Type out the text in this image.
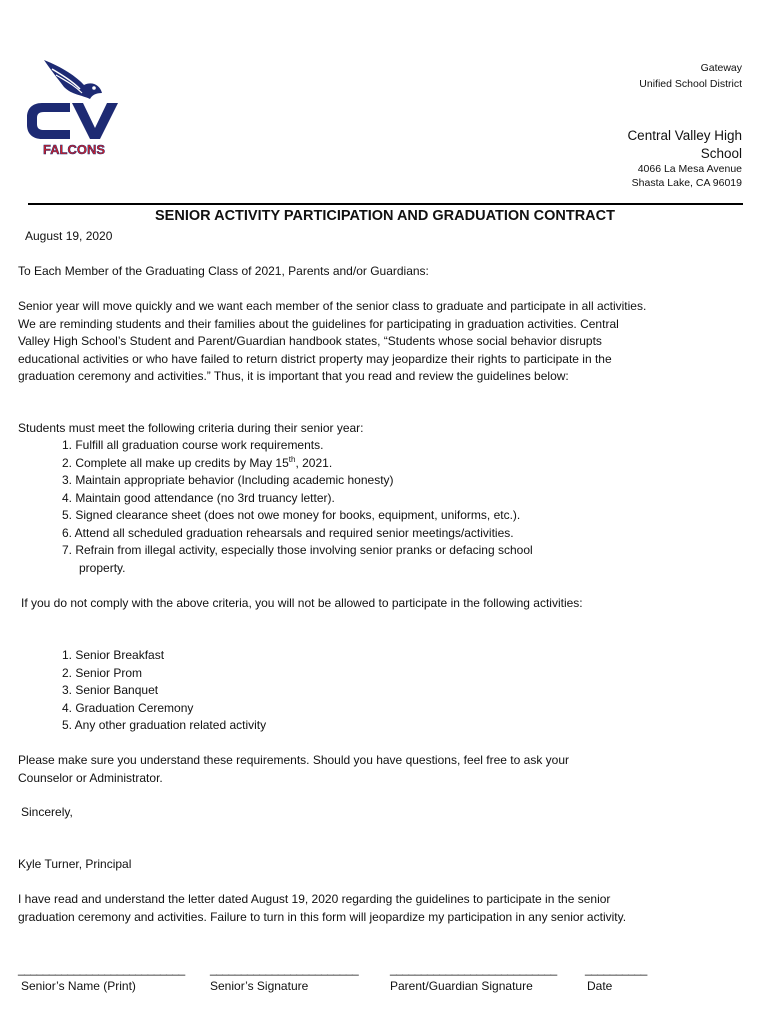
FALCONS
Gateway
Unified School District
Central Valley High School
4066 La Mesa Avenue
Shasta Lake, CA 96019
SENIOR ACTIVITY PARTICIPATION AND GRADUATION CONTRACT
August 19, 2020
To Each Member of the Graduating Class of 2021, Parents and/or Guardians:
Senior year will move quickly and we want each member of the senior class to graduate and participate in all activities. We are reminding students and their families about the guidelines for participating in graduation activities. Central Valley High School’s Student and Parent/Guardian handbook states, “Students whose social behavior disrupts educational activities or who have failed to return district property may jeopardize their rights to participate in the graduation ceremony and activities.” Thus, it is important that you read and review the guidelines below:
Students must meet the following criteria during their senior year:
1. Fulfill all graduation course work requirements.
2. Complete all make up credits by May 15th, 2021.
3. Maintain appropriate behavior (Including academic honesty)
4. Maintain good attendance (no 3rd truancy letter).
5. Signed clearance sheet (does not owe money for books, equipment, uniforms, etc.).
6. Attend all scheduled graduation rehearsals and required senior meetings/activities.
7. Refrain from illegal activity, especially those involving senior pranks or defacing school
property.
If you do not comply with the above criteria, you will not be allowed to participate in the following activities:
1. Senior Breakfast
2. Senior Prom
3. Senior Banquet
4. Graduation Ceremony
5. Any other graduation related activity
Please make sure you understand these requirements. Should you have questions, feel free to ask your Counselor or Administrator.
Sincerely,
Kyle Turner, Principal
I have read and understand the letter dated August 19, 2020 regarding the guidelines to participate in the senior graduation ceremony and activities. Failure to turn in this form will jeopardize my participation in any senior activity.
___________________________ ________________________	___________________________ __________
Senior’s Name (Print)	Senior’s Signature	Parent/Guardian Signature	Date
